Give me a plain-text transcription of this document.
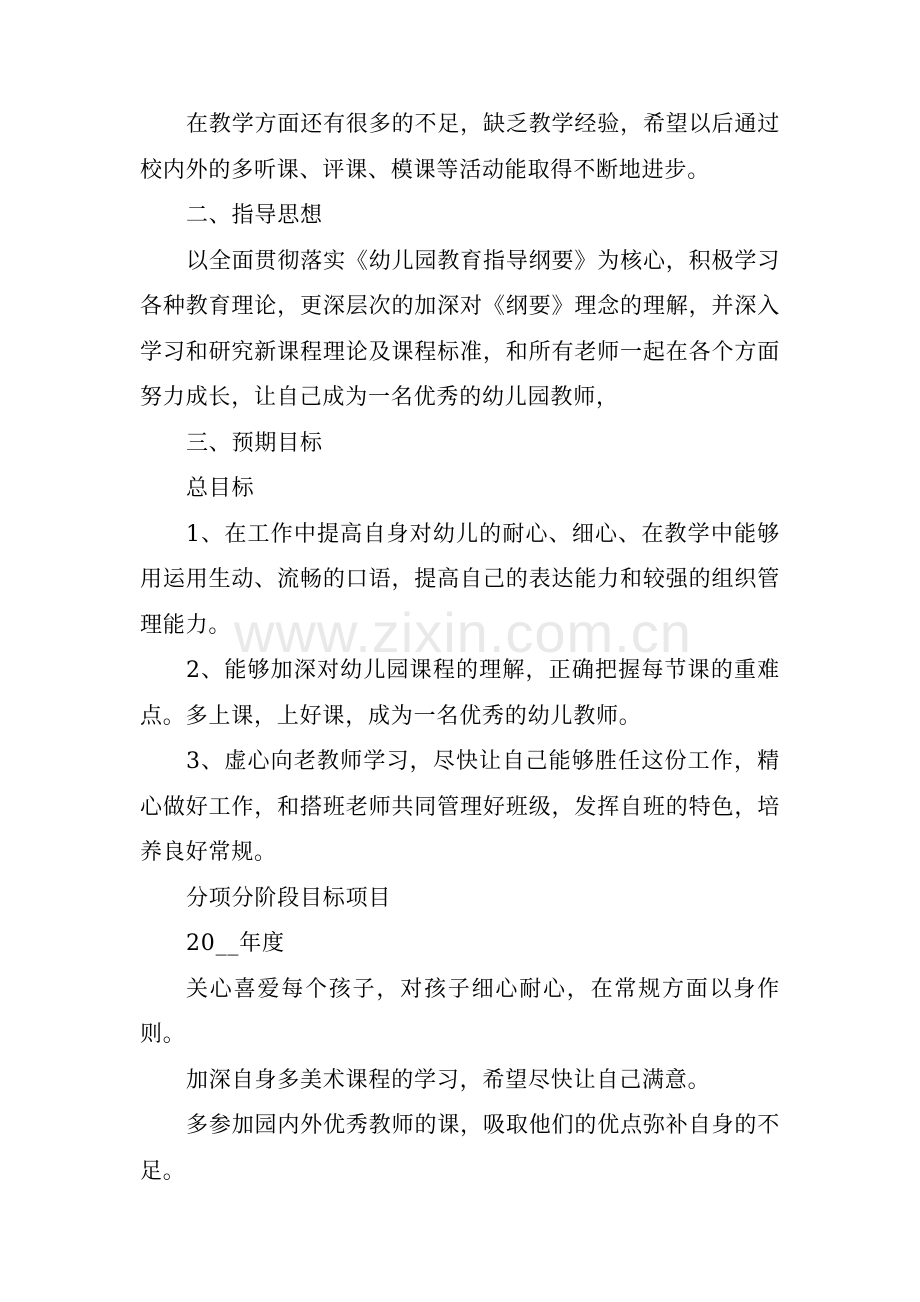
在教学方面还有很多的不足，缺乏教学经验，希望以后通过校内外的多听课、评课、模课等活动能取得不断地进步。

二、指导思想

以全面贯彻落实《幼儿园教育指导纲要》为核心，积极学习各种教育理论，更深层次的加深对《纲要》理念的理解，并深入学习和研究新课程理论及课程标准，和所有老师一起在各个方面努力成长，让自己成为一名优秀的幼儿园教师，

三、预期目标

总目标

1、在工作中提高自身对幼儿的耐心、细心、在教学中能够用运用生动、流畅的口语，提高自己的表达能力和较强的组织管理能力。

2、能够加深对幼儿园课程的理解，正确把握每节课的重难点。多上课，上好课，成为一名优秀的幼儿教师。

3、虚心向老教师学习，尽快让自己能够胜任这份工作，精心做好工作，和搭班老师共同管理好班级，发挥自班的特色，培养良好常规。

分项分阶段目标项目

20__年度

关心喜爱每个孩子，对孩子细心耐心，在常规方面以身作则。

加深自身多美术课程的学习，希望尽快让自己满意。

多参加园内外优秀教师的课，吸取他们的优点弥补自身的不足。

www.zixin.com.cn
